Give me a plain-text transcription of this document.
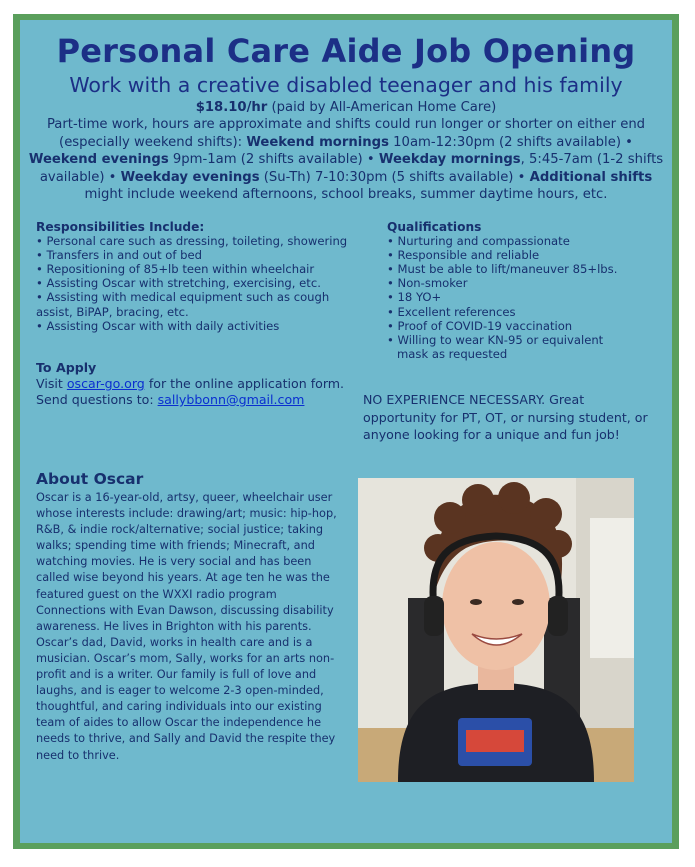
Personal Care Aide Job Opening
Work with a creative disabled teenager and his family
$18.10/hr (paid by All-American Home Care)
Part-time work, hours are approximate and shifts could run longer or shorter on either end (especially weekend shifts): Weekend mornings 10am-12:30pm (2 shifts available) • Weekend evenings 9pm-1am (2 shifts available) • Weekday mornings, 5:45-7am (1-2 shifts available) • Weekday evenings (Su-Th) 7-10:30pm (5 shifts available) • Additional shifts might include weekend afternoons, school breaks, summer daytime hours, etc.
Responsibilities Include:
• Personal care such as dressing, toileting, showering
• Transfers in and out of bed
• Repositioning of 85+lb teen within wheelchair
• Assisting Oscar with stretching, exercising, etc.
• Assisting with medical equipment such as cough assist, BiPAP, bracing, etc.
• Assisting Oscar with with daily activities
Qualifications
• Nurturing and compassionate
• Responsible and reliable
• Must be able to lift/maneuver 85+lbs.
• Non-smoker
• 18 YO+
• Excellent references
• Proof of COVID-19 vaccination
• Willing to wear KN-95 or equivalent mask as requested
To Apply
Visit oscar-go.org for the online application form. Send questions to: sallybbonn@gmail.com	NO EXPERIENCE NECESSARY. Great opportunity for PT, OT, or nursing student, or anyone looking for a unique and fun job!
About Oscar
Oscar is a 16-year-old, artsy, queer, wheelchair user whose interests include: drawing/art; music: hip-hop, R&B, & indie rock/alternative; social justice; taking walks; spending time with friends; Minecraft, and watching movies. He is very social and has been called wise beyond his years. At age ten he was the featured guest on the WXXI radio program Connections with Evan Dawson, discussing disability awareness. He lives in Brighton with his parents. Oscar’s dad, David, works in health care and is a musician. Oscar’s mom, Sally, works for an arts non-profit and is a writer. Our family is full of love and laughs, and is eager to welcome 2-3 open-minded, thoughtful, and caring individuals into our existing team of aides to allow Oscar the independence he needs to thrive, and Sally and David the respite they need to thrive.
